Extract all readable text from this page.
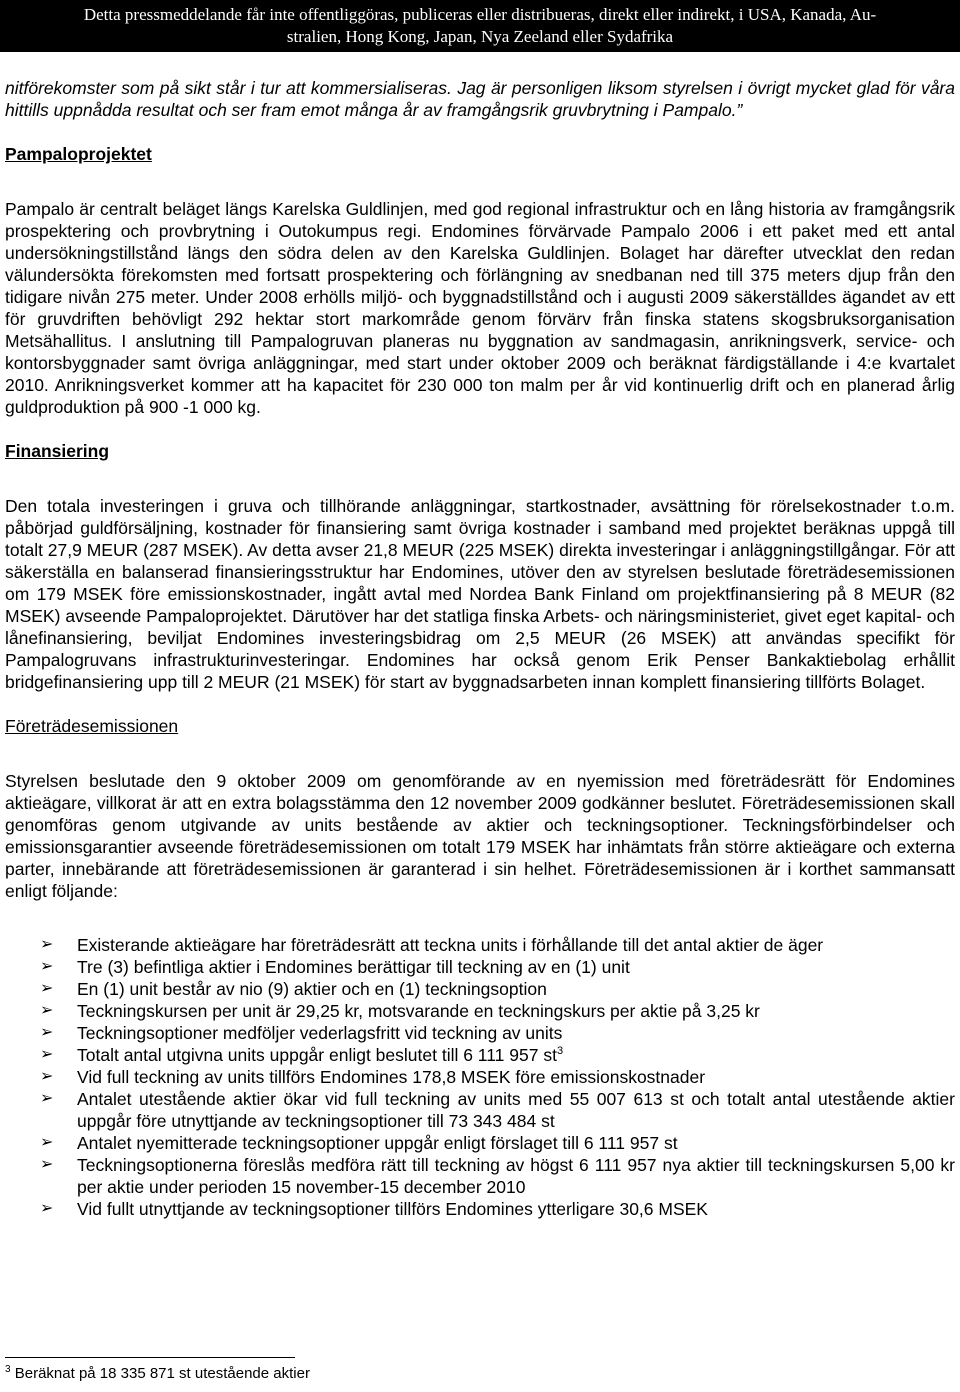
Detta pressmeddelande får inte offentliggöras, publiceras eller distribueras, direkt eller indirekt, i USA, Kanada, Au-
stralien, Hong Kong, Japan, Nya Zeeland eller Sydafrika

nitförekomster som på sikt står i tur att kommersialiseras. Jag är personligen liksom styrelsen i övrigt mycket glad för våra hittills uppnådda resultat och ser fram emot många år av framgångsrik gruvbrytning i Pampalo.”

Pampaloprojektet

Pampalo är centralt beläget längs Karelska Guldlinjen, med god regional infrastruktur och en lång historia av framgångsrik prospektering och provbrytning i Outokumpus regi. Endomines förvärvade Pampalo 2006 i ett paket med ett antal undersökningstillstånd längs den södra delen av den Karelska Guldlinjen. Bolaget har därefter utvecklat den redan välundersökta förekomsten med fortsatt prospektering och förlängning av snedbanan ned till 375 meters djup från den tidigare nivån 275 meter. Under 2008 erhölls miljö- och byggnadstillstånd och i augusti 2009 säkerställdes ägandet av ett för gruvdriften behövligt 292 hektar stort markområde genom förvärv från finska statens skogsbruksorganisation Metsähallitus. I anslutning till Pampalogruvan planeras nu byggnation av sandmagasin, anrikningsverk, service- och kontorsbyggnader samt övriga anläggningar, med start under oktober 2009 och beräknat färdigställande i 4:e kvartalet 2010. Anrikningsverket kommer att ha kapacitet för 230 000 ton malm per år vid kontinuerlig drift och en planerad årlig guldproduktion på 900 -1 000 kg.

Finansiering

Den totala investeringen i gruva och tillhörande anläggningar, startkostnader, avsättning för rörelsekostnader t.o.m. påbörjad guldförsäljning, kostnader för finansiering samt övriga kostnader i samband med projektet beräknas uppgå till totalt 27,9 MEUR (287 MSEK). Av detta avser 21,8 MEUR (225 MSEK) direkta investeringar i anläggningstillgångar. För att säkerställa en balanserad finansieringsstruktur har Endomines, utöver den av styrelsen beslutade företrädesemissionen om 179 MSEK före emissionskostnader, ingått avtal med Nordea Bank Finland om projektfinansiering på 8 MEUR (82 MSEK) avseende Pampaloprojektet. Därutöver har det statliga finska Arbets- och näringsministeriet, givet eget kapital- och lånefinansiering, beviljat Endomines investeringsbidrag om 2,5 MEUR (26 MSEK) att användas specifikt för Pampalogruvans infrastrukturinvesteringar. Endomines har också genom Erik Penser Bankaktiebolag erhållit bridgefinansiering upp till 2 MEUR (21 MSEK) för start av byggnadsarbeten innan komplett finansiering tillförts Bolaget.

Företrädesemissionen

Styrelsen beslutade den 9 oktober 2009 om genomförande av en nyemission med företrädesrätt för Endomines aktieägare, villkorat är att en extra bolagsstämma den 12 november 2009 godkänner beslutet. Företrädesemissionen skall genomföras genom utgivande av units bestående av aktier och teckningsoptioner. Teckningsförbindelser och emissionsgarantier avseende företrädesemissionen om totalt 179 MSEK har inhämtats från större aktieägare och externa parter, innebärande att företrädesemissionen är garanterad i sin helhet. Företrädesemissionen är i korthet sammansatt enligt följande:

➢ Existerande aktieägare har företrädesrätt att teckna units i förhållande till det antal aktier de äger
➢ Tre (3) befintliga aktier i Endomines berättigar till teckning av en (1) unit
➢ En (1) unit består av nio (9) aktier och en (1) teckningsoption
➢ Teckningskursen per unit är 29,25 kr, motsvarande en teckningskurs per aktie på 3,25 kr
➢ Teckningsoptioner medföljer vederlagsfritt vid teckning av units
➢ Totalt antal utgivna units uppgår enligt beslutet till 6 111 957 $st^3$
➢ Vid full teckning av units tillförs Endomines 178,8 MSEK före emissionskostnader
➢ Antalet utestående aktier ökar vid full teckning av units med 55 007 613 st och totalt antal utestående aktier uppgår före utnyttjande av teckningsoptioner till 73 343 484 st
➢ Antalet nyemitterade teckningsoptioner uppgår enligt förslaget till 6 111 957 st
➢ Teckningsoptionerna föreslås medföra rätt till teckning av högst 6 111 957 nya aktier till teckningskursen 5,00 kr per aktie under perioden 15 november-15 december 2010
➢ Vid fullt utnyttjande av teckningsoptioner tillförs Endomines ytterligare 30,6 MSEK
$^3$ Beräknat på 18 335 871 st utestående aktier
